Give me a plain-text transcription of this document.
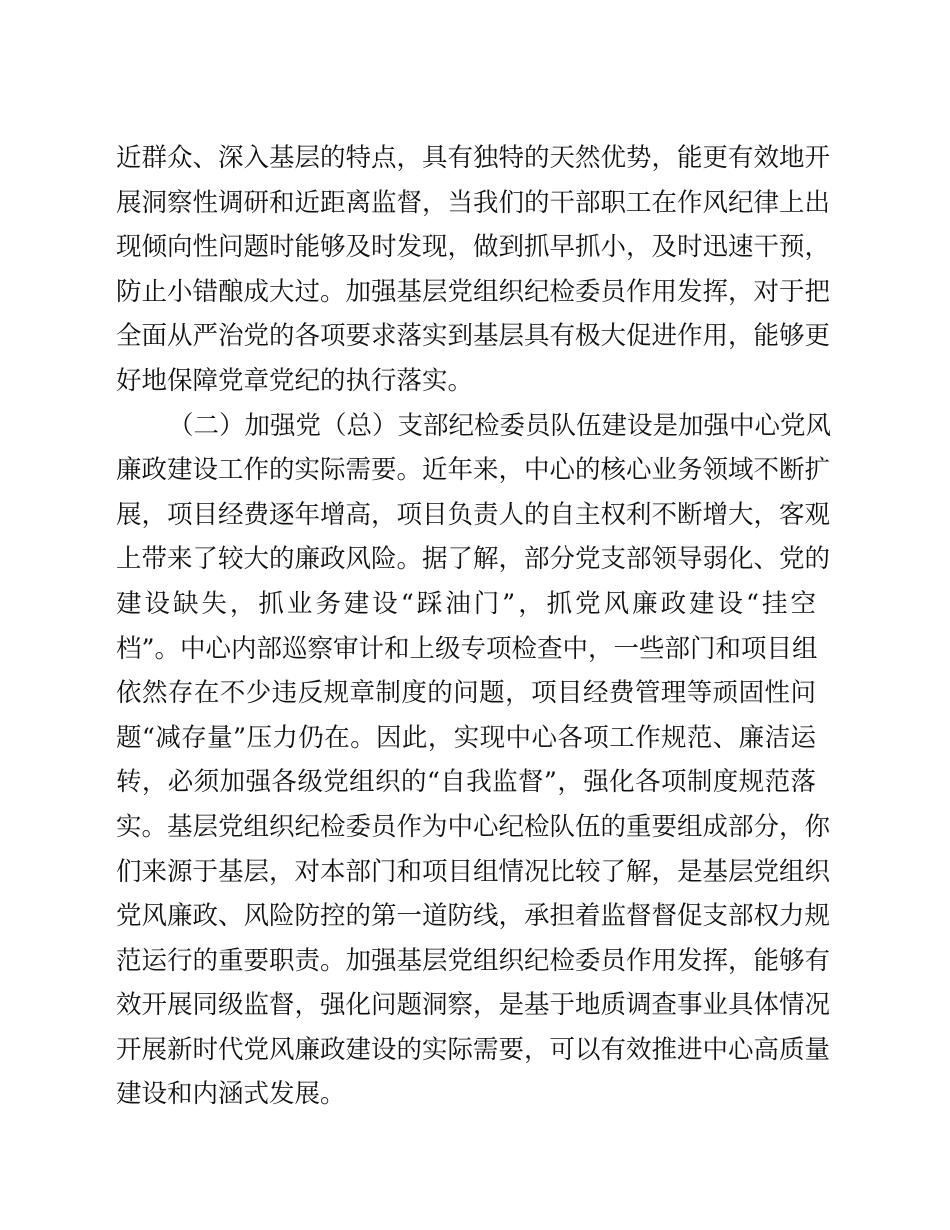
近群众、深入基层的特点，具有独特的天然优势，能更有效地开
展洞察性调研和近距离监督，当我们的干部职工在作风纪律上出
现倾向性问题时能够及时发现，做到抓早抓小，及时迅速干预，
防止小错酿成大过。加强基层党组织纪检委员作用发挥，对于把
全面从严治党的各项要求落实到基层具有极大促进作用，能够更
好地保障党章党纪的执行落实。
（二）加强党（总）支部纪检委员队伍建设是加强中心党风
廉政建设工作的实际需要。近年来，中心的核心业务领域不断扩
展，项目经费逐年增高，项目负责人的自主权利不断增大，客观
上带来了较大的廉政风险。据了解，部分党支部领导弱化、党的
建设缺失，抓业务建设“踩油门”，抓党风廉政建设“挂空
档”。中心内部巡察审计和上级专项检查中，一些部门和项目组
依然存在不少违反规章制度的问题，项目经费管理等顽固性问
题“减存量”压力仍在。因此，实现中心各项工作规范、廉洁运
转，必须加强各级党组织的“自我监督”，强化各项制度规范落
实。基层党组织纪检委员作为中心纪检队伍的重要组成部分，你
们来源于基层，对本部门和项目组情况比较了解，是基层党组织
党风廉政、风险防控的第一道防线，承担着监督督促支部权力规
范运行的重要职责。加强基层党组织纪检委员作用发挥，能够有
效开展同级监督，强化问题洞察，是基于地质调查事业具体情况
开展新时代党风廉政建设的实际需要，可以有效推进中心高质量
建设和内涵式发展。
